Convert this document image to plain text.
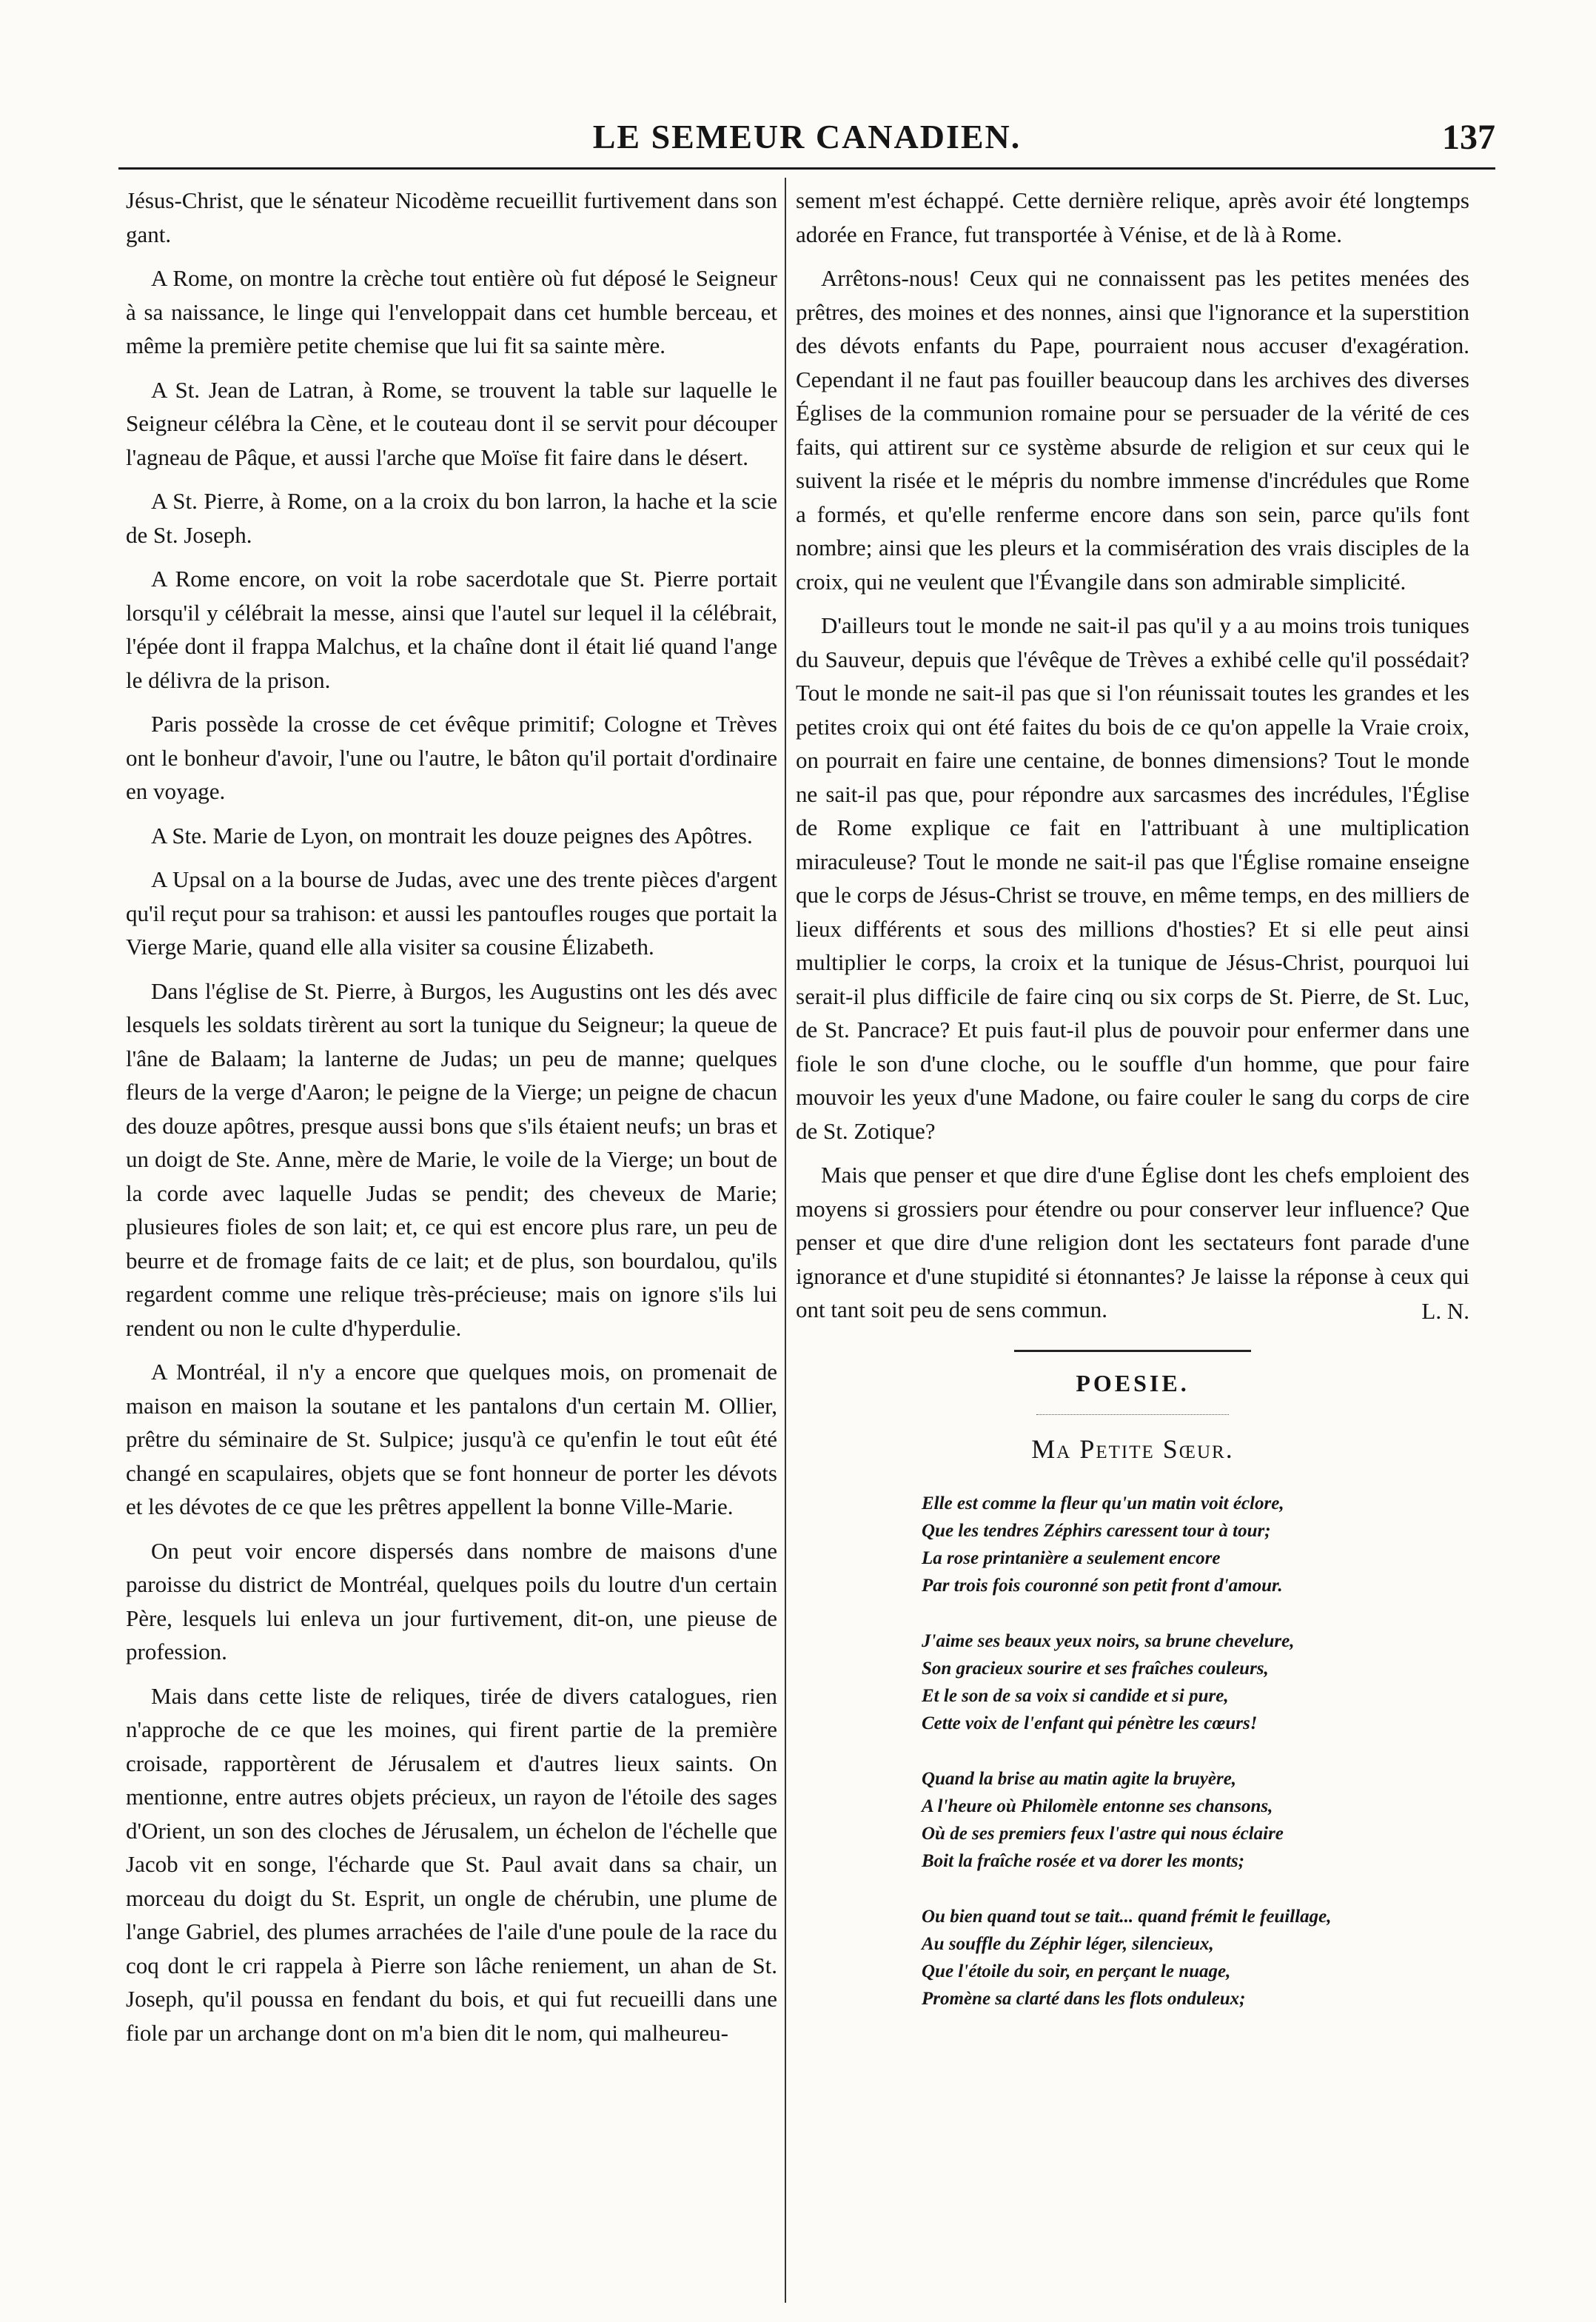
LE SEMEUR CANADIEN.	137

Jésus-Christ, que le sénateur Nicodème recueillit furtivement dans son gant.

A Rome, on montre la crèche tout entière où fut déposé le Seigneur à sa naissance, le linge qui l'enveloppait dans cet humble berceau, et même la première petite chemise que lui fit sa sainte mère.

A St. Jean de Latran, à Rome, se trouvent la table sur laquelle le Seigneur célébra la Cène, et le couteau dont il se servit pour découper l'agneau de Pâque, et aussi l'arche que Moïse fit faire dans le désert.

A St. Pierre, à Rome, on a la croix du bon larron, la hache et la scie de St. Joseph.

A Rome encore, on voit la robe sacerdotale que St. Pierre portait lorsqu'il y célébrait la messe, ainsi que l'autel sur lequel il la célébrait, l'épée dont il frappa Malchus, et la chaîne dont il était lié quand l'ange le délivra de la prison.

Paris possède la crosse de cet évêque primitif; Cologne et Trèves ont le bonheur d'avoir, l'une ou l'autre, le bâton qu'il portait d'ordinaire en voyage.

A Ste. Marie de Lyon, on montrait les douze peignes des Apôtres.

A Upsal on a la bourse de Judas, avec une des trente pièces d'argent qu'il reçut pour sa trahison: et aussi les pantoufles rouges que portait la Vierge Marie, quand elle alla visiter sa cousine Élizabeth.

Dans l'église de St. Pierre, à Burgos, les Augustins ont les dés avec lesquels les soldats tirèrent au sort la tunique du Seigneur; la queue de l'âne de Balaam; la lanterne de Judas; un peu de manne; quelques fleurs de la verge d'Aaron; le peigne de la Vierge; un peigne de chacun des douze apôtres, presque aussi bons que s'ils étaient neufs; un bras et un doigt de Ste. Anne, mère de Marie, le voile de la Vierge; un bout de la corde avec laquelle Judas se pendit; des cheveux de Marie; plusieures fioles de son lait; et, ce qui est encore plus rare, un peu de beurre et de fromage faits de ce lait; et de plus, son bourdalou, qu'ils regardent comme une relique très-précieuse; mais on ignore s'ils lui rendent ou non le culte d'hyperdulie.

A Montréal, il n'y a encore que quelques mois, on promenait de maison en maison la soutane et les pantalons d'un certain M. Ollier, prêtre du séminaire de St. Sulpice; jusqu'à ce qu'enfin le tout eût été changé en scapulaires, objets que se font honneur de porter les dévots et les dévotes de ce que les prêtres appellent la bonne Ville-Marie.

On peut voir encore dispersés dans nombre de maisons d'une paroisse du district de Montréal, quelques poils du loutre d'un certain Père, lesquels lui enleva un jour furtivement, dit-on, une pieuse de profession.

Mais dans cette liste de reliques, tirée de divers catalogues, rien n'approche de ce que les moines, qui firent partie de la première croisade, rapportèrent de Jérusalem et d'autres lieux saints. On mentionne, entre autres objets précieux, un rayon de l'étoile des sages d'Orient, un son des cloches de Jérusalem, un échelon de l'échelle que Jacob vit en songe, l'écharde que St. Paul avait dans sa chair, un morceau du doigt du St. Esprit, un ongle de chérubin, une plume de l'ange Gabriel, des plumes arrachées de l'aile d'une poule de la race du coq dont le cri rappela à Pierre son lâche reniement, un ahan de St. Joseph, qu'il poussa en fendant du bois, et qui fut recueilli dans une fiole par un archange dont on m'a bien dit le nom, qui malheureu-

sement m'est échappé. Cette dernière relique, après avoir été longtemps adorée en France, fut transportée à Vénise, et de là à Rome.

Arrêtons-nous! Ceux qui ne connaissent pas les petites menées des prêtres, des moines et des nonnes, ainsi que l'ignorance et la superstition des dévots enfants du Pape, pourraient nous accuser d'exagération. Cependant il ne faut pas fouiller beaucoup dans les archives des diverses Églises de la communion romaine pour se persuader de la vérité de ces faits, qui attirent sur ce système absurde de religion et sur ceux qui le suivent la risée et le mépris du nombre immense d'incrédules que Rome a formés, et qu'elle renferme encore dans son sein, parce qu'ils font nombre; ainsi que les pleurs et la commisération des vrais disciples de la croix, qui ne veulent que l'Évangile dans son admirable simplicité.

D'ailleurs tout le monde ne sait-il pas qu'il y a au moins trois tuniques du Sauveur, depuis que l'évêque de Trèves a exhibé celle qu'il possédait? Tout le monde ne sait-il pas que si l'on réunissait toutes les grandes et les petites croix qui ont été faites du bois de ce qu'on appelle la Vraie croix, on pourrait en faire une centaine, de bonnes dimensions? Tout le monde ne sait-il pas que, pour répondre aux sarcasmes des incrédules, l'Église de Rome explique ce fait en l'attribuant à une multiplication miraculeuse? Tout le monde ne sait-il pas que l'Église romaine enseigne que le corps de Jésus-Christ se trouve, en même temps, en des milliers de lieux différents et sous des millions d'hosties? Et si elle peut ainsi multiplier le corps, la croix et la tunique de Jésus-Christ, pourquoi lui serait-il plus difficile de faire cinq ou six corps de St. Pierre, de St. Luc, de St. Pancrace? Et puis faut-il plus de pouvoir pour enfermer dans une fiole le son d'une cloche, ou le souffle d'un homme, que pour faire mouvoir les yeux d'une Madone, ou faire couler le sang du corps de cire de St. Zotique?

Mais que penser et que dire d'une Église dont les chefs emploient des moyens si grossiers pour étendre ou pour conserver leur influence? Que penser et que dire d'une religion dont les sectateurs font parade d'une ignorance et d'une stupidité si étonnantes? Je laisse la réponse à ceux qui ont tant soit peu de sens commun.	L. N.
POESIE.
Ma Petite Sœur.
Elle est comme la fleur qu'un matin voit éclore,
Que les tendres Zéphirs caressent tour à tour;
La rose printanière a seulement encore
Par trois fois couronné son petit front d'amour.
J'aime ses beaux yeux noirs, sa brune chevelure,
Son gracieux sourire et ses fraîches couleurs,
Et le son de sa voix si candide et si pure,
Cette voix de l'enfant qui pénètre les cœurs!
Quand la brise au matin agite la bruyère,
A l'heure où Philomèle entonne ses chansons,
Où de ses premiers feux l'astre qui nous éclaire
Boit la fraîche rosée et va dorer les monts;
Ou bien quand tout se tait... quand frémit le feuillage,
Au souffle du Zéphir léger, silencieux,
Que l'étoile du soir, en perçant le nuage,
Promène sa clarté dans les flots onduleux;
